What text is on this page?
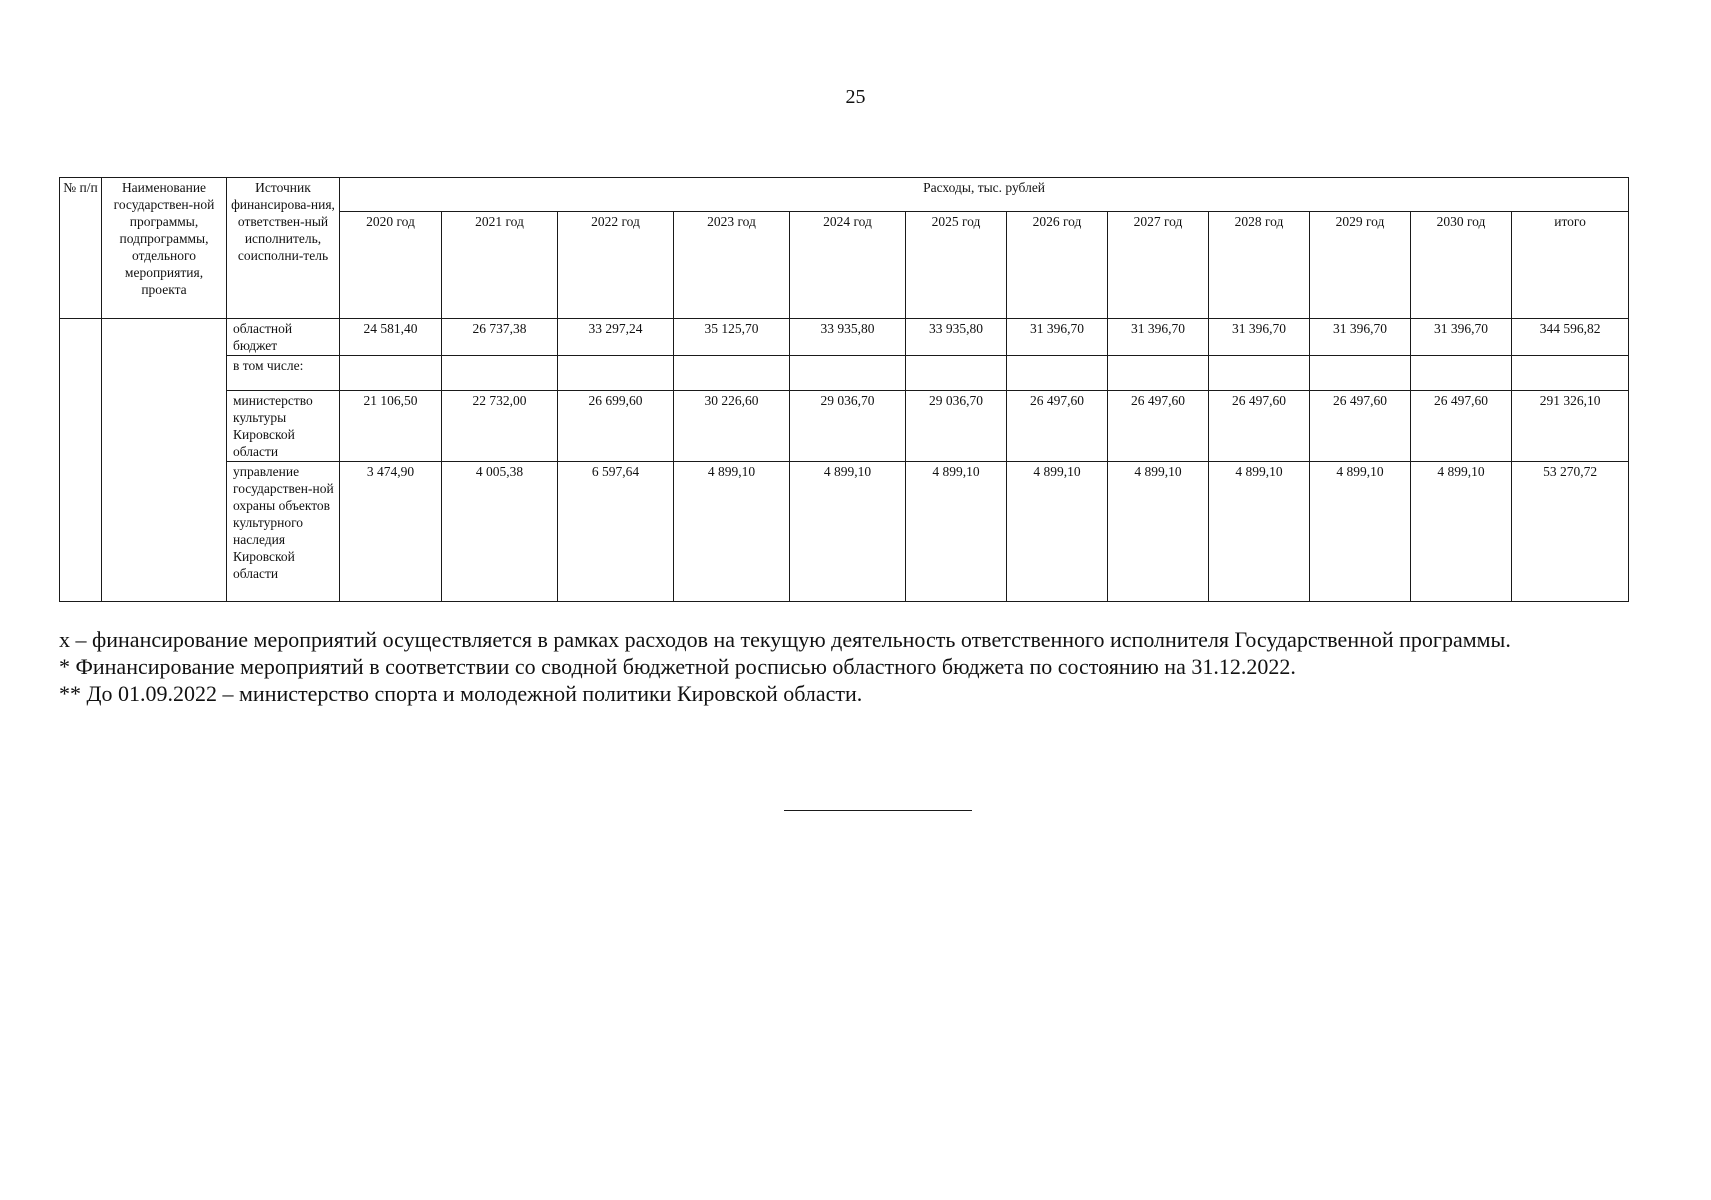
25
№ п/п	Наименование государствен-ной программы, подпрограммы, отдельного мероприятия, проекта	Источник финансирова-ния, ответствен-ный исполнитель, соисполни-тель	Расходы, тыс. рублей											
			2020 год	2021 год	2022 год	2023 год	2024 год	2025 год	2026 год	2027 год	2028 год	2029 год	2030 год	итого
		областной бюджет	24 581,40	26 737,38	33 297,24	35 125,70	33 935,80	33 935,80	31 396,70	31 396,70	31 396,70	31 396,70	31 396,70	344 596,82
		в том числе:												
		министерство культуры Кировской области	21 106,50	22 732,00	26 699,60	30 226,60	29 036,70	29 036,70	26 497,60	26 497,60	26 497,60	26 497,60	26 497,60	291 326,10
		управление государствен-ной охраны объектов культурного наследия Кировской области	3 474,90	4 005,38	6 597,64	4 899,10	4 899,10	4 899,10	4 899,10	4 899,10	4 899,10	4 899,10	4 899,10	53 270,72

х – финансирование мероприятий осуществляется в рамках расходов на текущую деятельность ответственного исполнителя Государственной программы.

* Финансирование мероприятий в соответствии со сводной бюджетной росписью областного бюджета по состоянию на 31.12.2022.

** До 01.09.2022 – министерство спорта и молодежной политики Кировской области.
